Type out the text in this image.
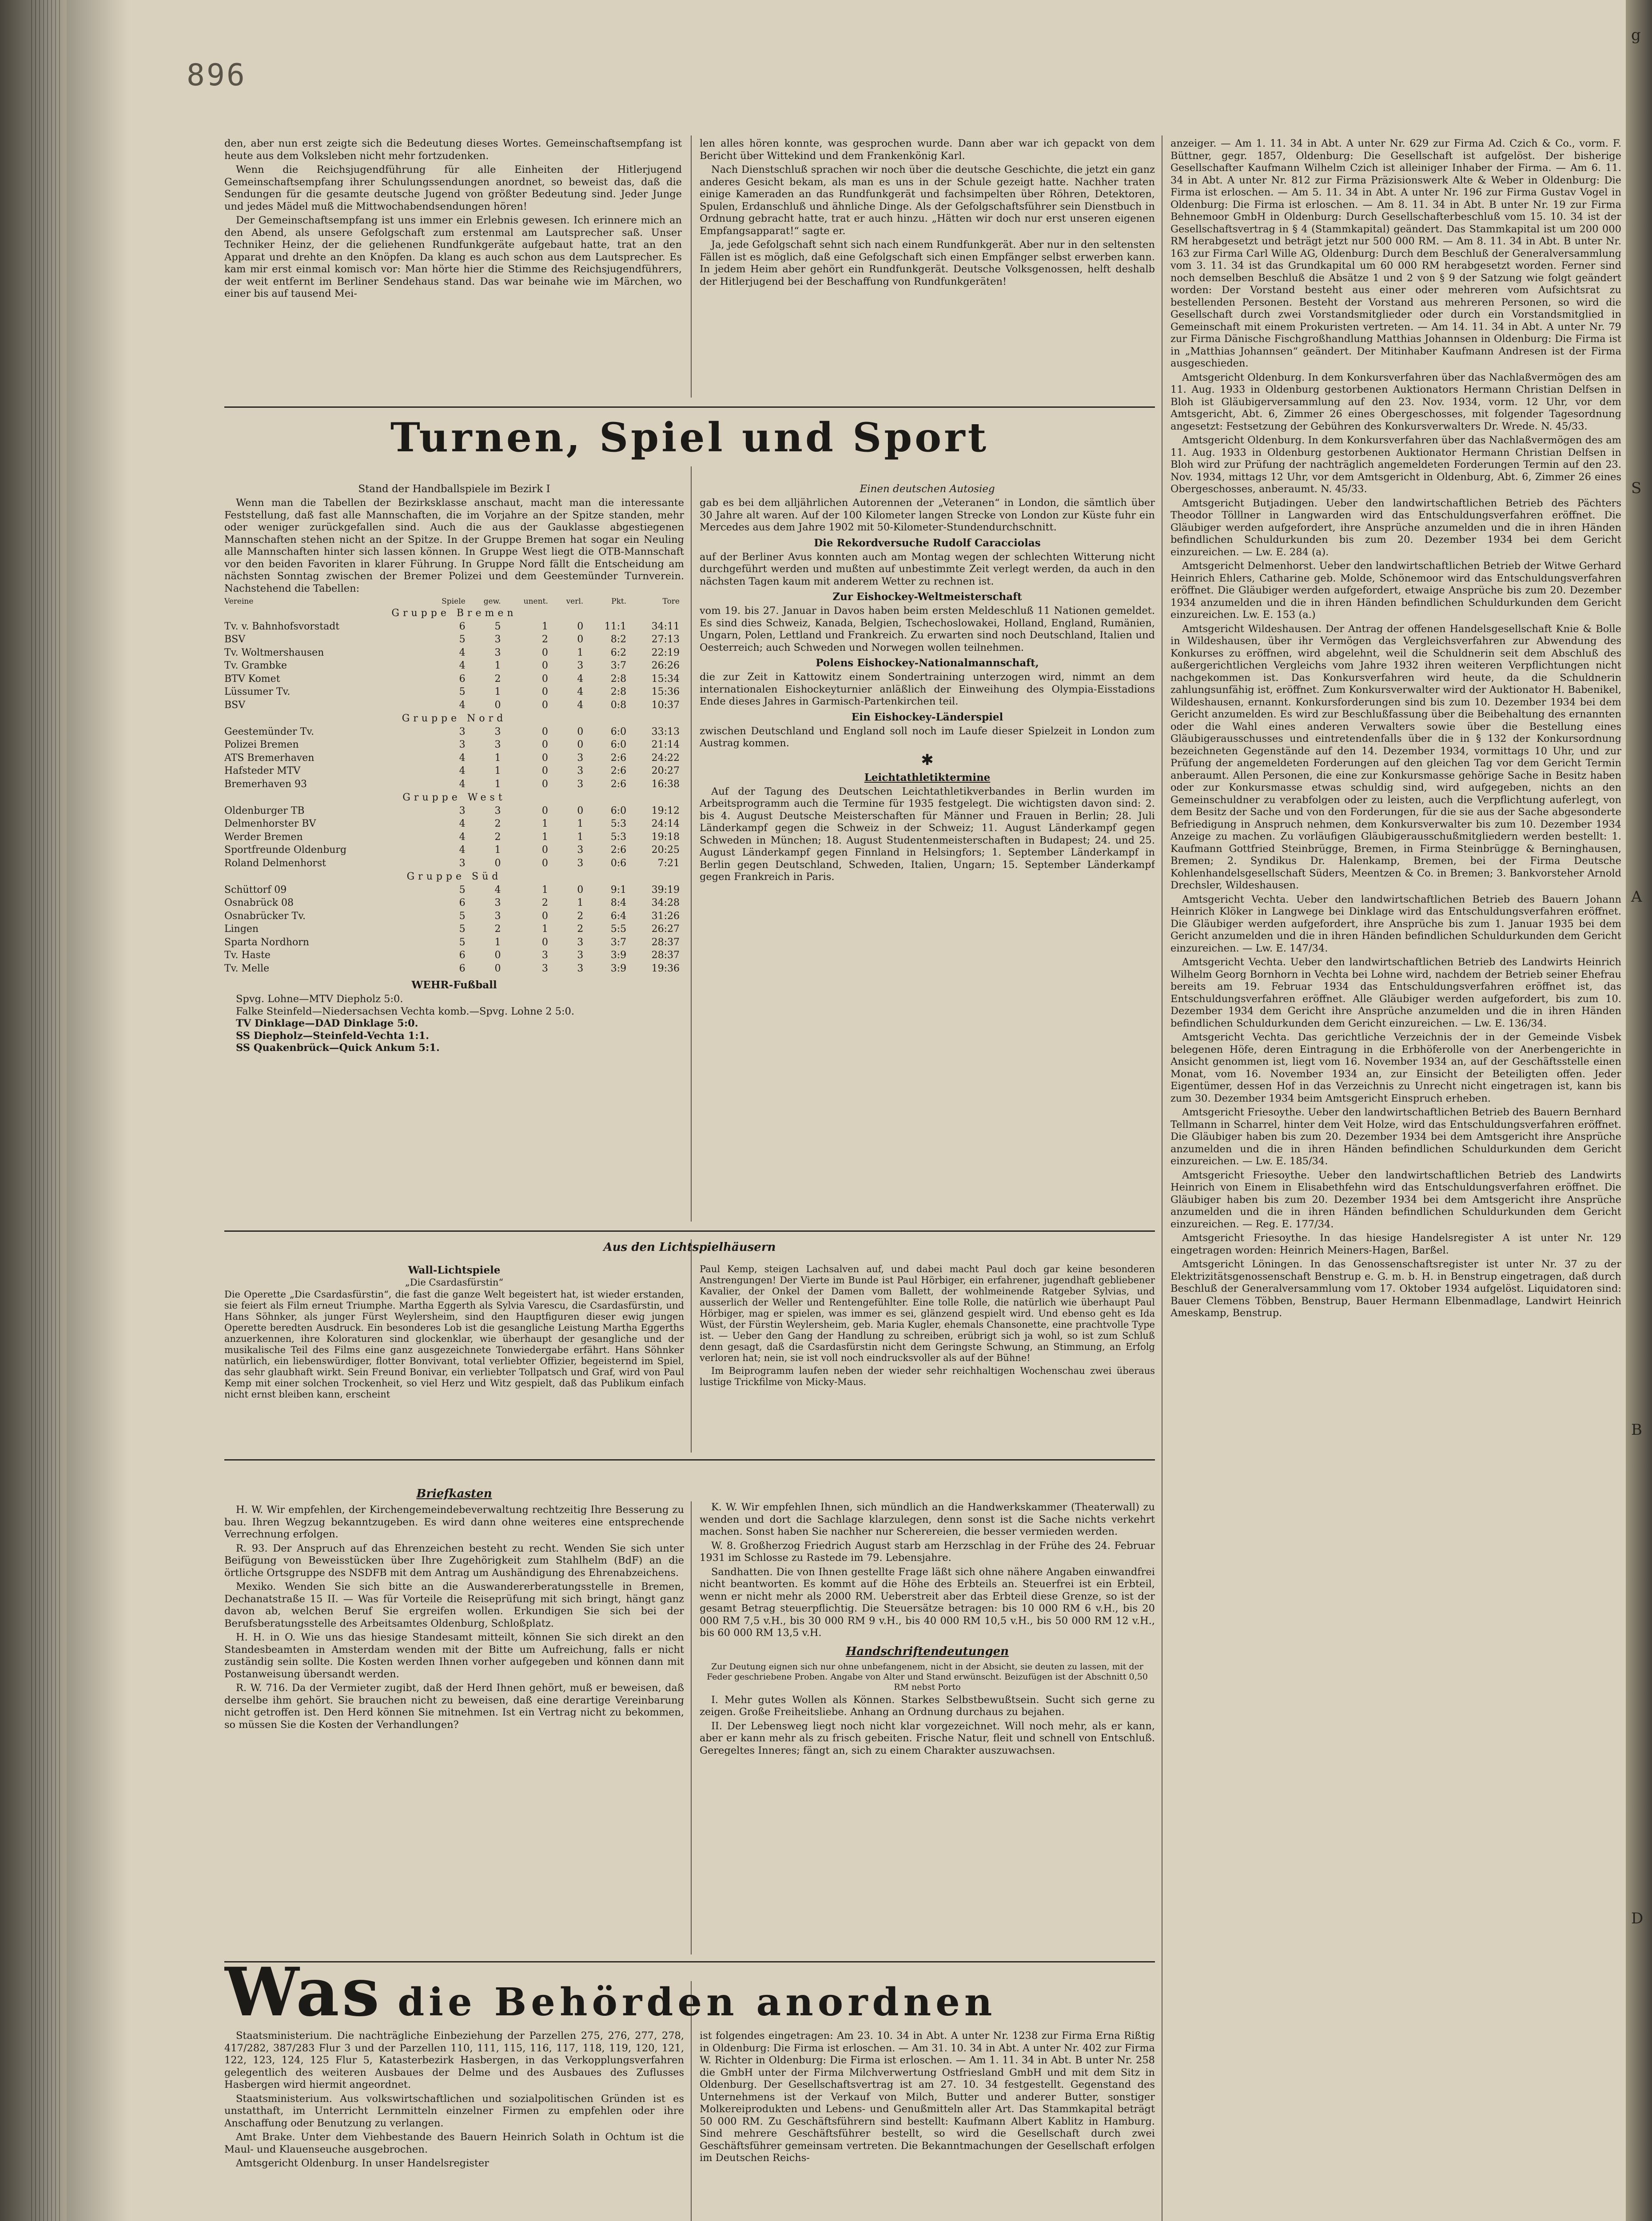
g
S
A
B
D
896

den, aber nun erst zeigte sich die Bedeutung dieses Wortes. Gemeinschaftsempfang ist heute aus dem Volksleben nicht mehr fortzudenken.

Wenn die Reichsjugendführung für alle Einheiten der Hitlerjugend Gemeinschaftsempfang ihrer Schulungssendungen anordnet, so beweist das, daß die Sendungen für die gesamte deutsche Jugend von größter Bedeutung sind. Jeder Junge und jedes Mädel muß die Mittwochabendsendungen hören!

Der Gemeinschaftsempfang ist uns immer ein Erlebnis gewesen. Ich erinnere mich an den Abend, als unsere Gefolgschaft zum erstenmal am Lautsprecher saß. Unser Techniker Heinz, der die geliehenen Rundfunkgeräte aufgebaut hatte, trat an den Apparat und drehte an den Knöpfen. Da klang es auch schon aus dem Lautsprecher. Es kam mir erst einmal komisch vor: Man hörte hier die Stimme des Reichsjugendführers, der weit entfernt im Berliner Sendehaus stand. Das war beinahe wie im Märchen, wo einer bis auf tausend Mei-

len alles hören konnte, was gesprochen wurde. Dann aber war ich gepackt von dem Bericht über Wittekind und dem Frankenkönig Karl.

Nach Dienstschluß sprachen wir noch über die deutsche Geschichte, die jetzt ein ganz anderes Gesicht bekam, als man es uns in der Schule gezeigt hatte. Nachher traten einige Kameraden an das Rundfunkgerät und fachsimpelten über Röhren, Detektoren, Spulen, Erdanschluß und ähnliche Dinge. Als der Gefolgschaftsführer sein Dienstbuch in Ordnung gebracht hatte, trat er auch hinzu. „Hätten wir doch nur erst unseren eigenen Empfangsapparat!“ sagte er.

Ja, jede Gefolgschaft sehnt sich nach einem Rundfunkgerät. Aber nur in den seltensten Fällen ist es möglich, daß eine Gefolgschaft sich einen Empfänger selbst erwerben kann. In jedem Heim aber gehört ein Rundfunkgerät. Deutsche Volksgenossen, helft deshalb der Hitlerjugend bei der Beschaffung von Rundfunkgeräten!

Turnen, Spiel und Sport
Stand der Handballspiele im Bezirk I

Wenn man die Tabellen der Bezirksklasse anschaut, macht man die interessante Feststellung, daß fast alle Mannschaften, die im Vorjahre an der Spitze standen, mehr oder weniger zurückgefallen sind. Auch die aus der Gauklasse abgestiegenen Mannschaften stehen nicht an der Spitze. In der Gruppe Bremen hat sogar ein Neuling alle Mannschaften hinter sich lassen können. In Gruppe West liegt die OTB-Mannschaft vor den beiden Favoriten in klarer Führung. In Gruppe Nord fällt die Entscheidung am nächsten Sonntag zwischen der Bremer Polizei und dem Geestemünder Turnverein. Nachstehend die Tabellen:

Vereine	Spiele	gew.	unent.	verl.	Pkt.	Tore
Gruppe Bremen						
Tv. v. Bahnhofsvorstadt	6	5	1	0	11:1	34:11
BSV	5	3	2	0	8:2	27:13
Tv. Woltmershausen	4	3	0	1	6:2	22:19
Tv. Grambke	4	1	0	3	3:7	26:26
BTV Komet	6	2	0	4	2:8	15:34
Lüssumer Tv.	5	1	0	4	2:8	15:36
BSV	4	0	0	4	0:8	10:37
Gruppe Nord						
Geestemünder Tv.	3	3	0	0	6:0	33:13
Polizei Bremen	3	3	0	0	6:0	21:14
ATS Bremerhaven	4	1	0	3	2:6	24:22
Hafsteder MTV	4	1	0	3	2:6	20:27
Bremerhaven 93	4	1	0	3	2:6	16:38
Gruppe West						
Oldenburger TB	3	3	0	0	6:0	19:12
Delmenhorster BV	4	2	1	1	5:3	24:14
Werder Bremen	4	2	1	1	5:3	19:18
Sportfreunde Oldenburg	4	1	0	3	2:6	20:25
Roland Delmenhorst	3	0	0	3	0:6	7:21
Gruppe Süd						
Schüttorf 09	5	4	1	0	9:1	39:19
Osnabrück 08	6	3	2	1	8:4	34:28
Osnabrücker Tv.	5	3	0	2	6:4	31:26
Lingen	5	2	1	2	5:5	26:27
Sparta Nordhorn	5	1	0	3	3:7	28:37
Tv. Haste	6	0	3	3	3:9	28:37
Tv. Melle	6	0	3	3	3:9	19:36
WEHR-Fußball

Spvg. Lohne—MTV Diepholz 5:0.

Falke Steinfeld—Niedersachsen Vechta komb.—Spvg. Lohne 2 5:0.

TV Dinklage—DAD Dinklage 5:0.

SS Diepholz—Steinfeld-Vechta 1:1.

SS Quakenbrück—Quick Ankum 5:1.

Einen deutschen Autosieg

gab es bei dem alljährlichen Autorennen der „Veteranen“ in London, die sämtlich über 30 Jahre alt waren. Auf der 100 Kilometer langen Strecke von London zur Küste fuhr ein Mercedes aus dem Jahre 1902 mit 50-Kilometer-Stundendurchschnitt.

Die Rekordversuche Rudolf Caracciolas

auf der Berliner Avus konnten auch am Montag wegen der schlechten Witterung nicht durchgeführt werden und mußten auf unbestimmte Zeit verlegt werden, da auch in den nächsten Tagen kaum mit anderem Wetter zu rechnen ist.

Zur Eishockey-Weltmeisterschaft

vom 19. bis 27. Januar in Davos haben beim ersten Meldeschluß 11 Nationen gemeldet. Es sind dies Schweiz, Kanada, Belgien, Tschechoslowakei, Holland, England, Rumänien, Ungarn, Polen, Lettland und Frankreich. Zu erwarten sind noch Deutschland, Italien und Oesterreich; auch Schweden und Norwegen wollen teilnehmen.

Polens Eishockey-Nationalmannschaft,

die zur Zeit in Kattowitz einem Sondertraining unterzogen wird, nimmt an dem internationalen Eishockeyturnier anläßlich der Einweihung des Olympia-Eisstadions Ende dieses Jahres in Garmisch-Partenkirchen teil.

Ein Eishockey-Länderspiel

zwischen Deutschland und England soll noch im Laufe dieser Spielzeit in London zum Austrag kommen.

✱
Leichtathletiktermine

Auf der Tagung des Deutschen Leichtathletikverbandes in Berlin wurden im Arbeitsprogramm auch die Termine für 1935 festgelegt. Die wichtigsten davon sind: 2. bis 4. August Deutsche Meisterschaften für Männer und Frauen in Berlin; 28. Juli Länderkampf gegen die Schweiz in der Schweiz; 11. August Länderkampf gegen Schweden in München; 18. August Studentenmeisterschaften in Budapest; 24. und 25. August Länderkampf gegen Finnland in Helsingfors; 1. September Länderkampf in Berlin gegen Deutschland, Schweden, Italien, Ungarn; 15. September Länderkampf gegen Frankreich in Paris.

Aus den Lichtspielhäusern
Wall-Lichtspiele
„Die Csardasfürstin“

Die Operette „Die Csardasfürstin“, die fast die ganze Welt begeistert hat, ist wieder erstanden, sie feiert als Film erneut Triumphe. Martha Eggerth als Sylvia Varescu, die Csardasfürstin, und Hans Söhnker, als junger Fürst Weylersheim, sind den Hauptfiguren dieser ewig jungen Operette beredten Ausdruck. Ein besonderes Lob ist die gesangliche Leistung Martha Eggerths anzuerkennen, ihre Koloraturen sind glockenklar, wie überhaupt der gesangliche und der musikalische Teil des Films eine ganz ausgezeichnete Tonwiedergabe erfährt. Hans Söhnker natürlich, ein liebenswürdiger, flotter Bonvivant, total verliebter Offizier, begeisternd im Spiel, das sehr glaubhaft wirkt. Sein Freund Bonivar, ein verliebter Tollpatsch und Graf, wird von Paul Kemp mit einer solchen Trockenheit, so viel Herz und Witz gespielt, daß das Publikum einfach nicht ernst bleiben kann, erscheint

Paul Kemp, steigen Lachsalven auf, und dabei macht Paul doch gar keine besonderen Anstrengungen! Der Vierte im Bunde ist Paul Hörbiger, ein erfahrener, jugendhaft gebliebener Kavalier, der Onkel der Damen vom Ballett, der wohlmeinende Ratgeber Sylvias, und ausserlich der Weller und Rentengefühlter. Eine tolle Rolle, die natürlich wie überhaupt Paul Hörbiger, mag er spielen, was immer es sei, glänzend gespielt wird. Und ebenso geht es Ida Wüst, der Fürstin Weylersheim, geb. Maria Kugler, ehemals Chansonette, eine prachtvolle Type ist. — Ueber den Gang der Handlung zu schreiben, erübrigt sich ja wohl, so ist zum Schluß denn gesagt, daß die Csardasfürstin nicht dem Geringste Schwung, an Stimmung, an Erfolg verloren hat; nein, sie ist voll noch eindrucksvoller als auf der Bühne!

Im Beiprogramm laufen neben der wieder sehr reichhaltigen Wochenschau zwei überaus lustige Trickfilme von Micky-Maus.

Briefkasten

H. W. Wir empfehlen, der Kirchengemeindebeverwaltung rechtzeitig Ihre Besserung zu bau. Ihren Wegzug bekanntzugeben. Es wird dann ohne weiteres eine entsprechende Verrechnung erfolgen.

R. 93. Der Anspruch auf das Ehrenzeichen besteht zu recht. Wenden Sie sich unter Beifügung von Beweisstücken über Ihre Zugehörigkeit zum Stahlhelm (BdF) an die örtliche Ortsgruppe des NSDFB mit dem Antrag um Aushändigung des Ehrenabzeichens.

Mexiko. Wenden Sie sich bitte an die Auswandererberatungsstelle in Bremen, Dechanatstraße 15 II. — Was für Vorteile die Reiseprüfung mit sich bringt, hängt ganz davon ab, welchen Beruf Sie ergreifen wollen. Erkundigen Sie sich bei der Berufsberatungsstelle des Arbeitsamtes Oldenburg, Schloßplatz.

H. H. in O. Wie uns das hiesige Standesamt mitteilt, können Sie sich direkt an den Standesbeamten in Amsterdam wenden mit der Bitte um Aufreichung, falls er nicht zuständig sein sollte. Die Kosten werden Ihnen vorher aufgegeben und können dann mit Postanweisung übersandt werden.

R. W. 716. Da der Vermieter zugibt, daß der Herd Ihnen gehört, muß er beweisen, daß derselbe ihm gehört. Sie brauchen nicht zu beweisen, daß eine derartige Vereinbarung nicht getroffen ist. Den Herd können Sie mitnehmen. Ist ein Vertrag nicht zu bekommen, so müssen Sie die Kosten der Verhandlungen?

K. W. Wir empfehlen Ihnen, sich mündlich an die Handwerkskammer (Theaterwall) zu wenden und dort die Sachlage klarzulegen, denn sonst ist die Sache nichts verkehrt machen. Sonst haben Sie nachher nur Scherereien, die besser vermieden werden.

W. 8. Großherzog Friedrich August starb am Herzschlag in der Frühe des 24. Februar 1931 im Schlosse zu Rastede im 79. Lebensjahre.

Sandhatten. Die von Ihnen gestellte Frage läßt sich ohne nähere Angaben einwandfrei nicht beantworten. Es kommt auf die Höhe des Erbteils an. Steuerfrei ist ein Erbteil, wenn er nicht mehr als 2000 RM. Ueberstreit aber das Erbteil diese Grenze, so ist der gesamt Betrag steuerpflichtig. Die Steuersätze betragen: bis 10 000 RM 6 v.H., bis 20 000 RM 7,5 v.H., bis 30 000 RM 9 v.H., bis 40 000 RM 10,5 v.H., bis 50 000 RM 12 v.H., bis 60 000 RM 13,5 v.H.

Handschriftendeutungen

Zur Deutung eignen sich nur ohne unbefangenem, nicht in der Absicht, sie deuten zu lassen, mit der Feder geschriebene Proben. Angabe von Alter und Stand erwünscht. Beizufügen ist der Abschnitt 0,50 RM nebst Porto

I. Mehr gutes Wollen als Können. Starkes Selbstbewußtsein. Sucht sich gerne zu zeigen. Große Freiheitsliebe. Anhang an Ordnung durchaus zu bejahen.

II. Der Lebensweg liegt noch nicht klar vorgezeichnet. Will noch mehr, als er kann, aber er kann mehr als zu frisch gebeiten. Frische Natur, fleit und schnell von Entschluß. Geregeltes Inneres; fängt an, sich zu einem Charakter auszuwachsen.

Was die Behörden anordnen

Staatsministerium. Die nachträgliche Einbeziehung der Parzellen 275, 276, 277, 278, 417/282, 387/283 Flur 3 und der Parzellen 110, 111, 115, 116, 117, 118, 119, 120, 121, 122, 123, 124, 125 Flur 5, Katasterbezirk Hasbergen, in das Verkopplungsverfahren gelegentlich des weiteren Ausbaues der Delme und des Ausbaues des Zuflusses Hasbergen wird hiermit angeordnet.

Staatsministerium. Aus volkswirtschaftlichen und sozialpolitischen Gründen ist es unstatthaft, im Unterricht Lernmitteln einzelner Firmen zu empfehlen oder ihre Anschaffung oder Benutzung zu verlangen.

Amt Brake. Unter dem Viehbestande des Bauern Heinrich Solath in Ochtum ist die Maul- und Klauenseuche ausgebrochen.

Amtsgericht Oldenburg. In unser Handelsregister

ist folgendes eingetragen: Am 23. 10. 34 in Abt. A unter Nr. 1238 zur Firma Erna Rißtig in Oldenburg: Die Firma ist erloschen. — Am 31. 10. 34 in Abt. A unter Nr. 402 zur Firma W. Richter in Oldenburg: Die Firma ist erloschen. — Am 1. 11. 34 in Abt. B unter Nr. 258 die GmbH unter der Firma Milchverwertung Ostfriesland GmbH und mit dem Sitz in Oldenburg. Der Gesellschaftsvertrag ist am 27. 10. 34 festgestellt. Gegenstand des Unternehmens ist der Verkauf von Milch, Butter und anderer Butter, sonstiger Molkereiprodukten und Lebens- und Genußmitteln aller Art. Das Stammkapital beträgt 50 000 RM. Zu Geschäftsführern sind bestellt: Kaufmann Albert Kablitz in Hamburg. Sind mehrere Geschäftsführer bestellt, so wird die Gesellschaft durch zwei Geschäftsführer gemeinsam vertreten. Die Bekanntmachungen der Gesellschaft erfolgen im Deutschen Reichs-

anzeiger. — Am 1. 11. 34 in Abt. A unter Nr. 629 zur Firma Ad. Czich & Co., vorm. F. Büttner, gegr. 1857, Oldenburg: Die Gesellschaft ist aufgelöst. Der bisherige Gesellschafter Kaufmann Wilhelm Czich ist alleiniger Inhaber der Firma. — Am 6. 11. 34 in Abt. A unter Nr. 812 zur Firma Präzisionswerk Alte & Weber in Oldenburg: Die Firma ist erloschen. — Am 5. 11. 34 in Abt. A unter Nr. 196 zur Firma Gustav Vogel in Oldenburg: Die Firma ist erloschen. — Am 8. 11. 34 in Abt. B unter Nr. 19 zur Firma Behnemoor GmbH in Oldenburg: Durch Gesellschafterbeschluß vom 15. 10. 34 ist der Gesellschaftsvertrag in § 4 (Stammkapital) geändert. Das Stammkapital ist um 200 000 RM herabgesetzt und beträgt jetzt nur 500 000 RM. — Am 8. 11. 34 in Abt. B unter Nr. 163 zur Firma Carl Wille AG, Oldenburg: Durch dem Beschluß der Generalversammlung vom 3. 11. 34 ist das Grundkapital um 60 000 RM herabgesetzt worden. Ferner sind noch demselben Beschluß die Absätze 1 und 2 von § 9 der Satzung wie folgt geändert worden: Der Vorstand besteht aus einer oder mehreren vom Aufsichtsrat zu bestellenden Personen. Besteht der Vorstand aus mehreren Personen, so wird die Gesellschaft durch zwei Vorstandsmitglieder oder durch ein Vorstandsmitglied in Gemeinschaft mit einem Prokuristen vertreten. — Am 14. 11. 34 in Abt. A unter Nr. 79 zur Firma Dänische Fischgroßhandlung Matthias Johannsen in Oldenburg: Die Firma ist in „Matthias Johannsen“ geändert. Der Mitinhaber Kaufmann Andresen ist der Firma ausgeschieden.

Amtsgericht Oldenburg. In dem Konkursverfahren über das Nachlaßvermögen des am 11. Aug. 1933 in Oldenburg gestorbenen Auktionators Hermann Christian Delfsen in Bloh ist Gläubigerversammlung auf den 23. Nov. 1934, vorm. 12 Uhr, vor dem Amtsgericht, Abt. 6, Zimmer 26 eines Obergeschosses, mit folgender Tagesordnung angesetzt: Festsetzung der Gebühren des Konkursverwalters Dr. Wrede. N. 45/33.

Amtsgericht Oldenburg. In dem Konkursverfahren über das Nachlaßvermögen des am 11. Aug. 1933 in Oldenburg gestorbenen Auktionator Hermann Christian Delfsen in Bloh wird zur Prüfung der nachträglich angemeldeten Forderungen Termin auf den 23. Nov. 1934, mittags 12 Uhr, vor dem Amtsgericht in Oldenburg, Abt. 6, Zimmer 26 eines Obergeschosses, anberaumt. N. 45/33.

Amtsgericht Butjadingen. Ueber den landwirtschaftlichen Betrieb des Pächters Theodor Tölllner in Langwarden wird das Entschuldungsverfahren eröffnet. Die Gläubiger werden aufgefordert, ihre Ansprüche anzumelden und die in ihren Händen befindlichen Schuldurkunden bis zum 20. Dezember 1934 bei dem Gericht einzureichen. — Lw. E. 284 (a).

Amtsgericht Delmenhorst. Ueber den landwirtschaftlichen Betrieb der Witwe Gerhard Heinrich Ehlers, Catharine geb. Molde, Schönemoor wird das Entschuldungsverfahren eröffnet. Die Gläubiger werden aufgefordert, etwaige Ansprüche bis zum 20. Dezember 1934 anzumelden und die in ihren Händen befindlichen Schuldurkunden dem Gericht einzureichen. Lw. E. 153 (a.)

Amtsgericht Wildeshausen. Der Antrag der offenen Handelsgesellschaft Knie & Bolle in Wildeshausen, über ihr Vermögen das Vergleichsverfahren zur Abwendung des Konkurses zu eröffnen, wird abgelehnt, weil die Schuldnerin seit dem Abschluß des außergerichtlichen Vergleichs vom Jahre 1932 ihren weiteren Verpflichtungen nicht nachgekommen ist. Das Konkursverfahren wird heute, da die Schuldnerin zahlungsunfähig ist, eröffnet. Zum Konkursverwalter wird der Auktionator H. Babenikel, Wildeshausen, ernannt. Konkursforderungen sind bis zum 10. Dezember 1934 bei dem Gericht anzumelden. Es wird zur Beschlußfassung über die Beibehaltung des ernannten oder die Wahl eines anderen Verwalters sowie über die Bestellung eines Gläubigerausschusses und eintretendenfalls über die in § 132 der Konkursordnung bezeichneten Gegenstände auf den 14. Dezember 1934, vormittags 10 Uhr, und zur Prüfung der angemeldeten Forderungen auf den gleichen Tag vor dem Gericht Termin anberaumt. Allen Personen, die eine zur Konkursmasse gehörige Sache in Besitz haben oder zur Konkursmasse etwas schuldig sind, wird aufgegeben, nichts an den Gemeinschuldner zu verabfolgen oder zu leisten, auch die Verpflichtung auferlegt, von dem Besitz der Sache und von den Forderungen, für die sie aus der Sache abgesonderte Befriedigung in Anspruch nehmen, dem Konkursverwalter bis zum 10. Dezember 1934 Anzeige zu machen. Zu vorläufigen Gläubigerausschußmitgliedern werden bestellt: 1. Kaufmann Gottfried Steinbrügge, Bremen, in Firma Steinbrügge & Berninghausen, Bremen; 2. Syndikus Dr. Halenkamp, Bremen, bei der Firma Deutsche Kohlenhandelsgesellschaft Süders, Meentzen & Co. in Bremen; 3. Bankvorsteher Arnold Drechsler, Wildeshausen.

Amtsgericht Vechta. Ueber den landwirtschaftlichen Betrieb des Bauern Johann Heinrich Klöker in Langwege bei Dinklage wird das Entschuldungsverfahren eröffnet. Die Gläubiger werden aufgefordert, ihre Ansprüche bis zum 1. Januar 1935 bei dem Gericht anzumelden und die in ihren Händen befindlichen Schuldurkunden dem Gericht einzureichen. — Lw. E. 147/34.

Amtsgericht Vechta. Ueber den landwirtschaftlichen Betrieb des Landwirts Heinrich Wilhelm Georg Bornhorn in Vechta bei Lohne wird, nachdem der Betrieb seiner Ehefrau bereits am 19. Februar 1934 das Entschuldungsverfahren eröffnet ist, das Entschuldungsverfahren eröffnet. Alle Gläubiger werden aufgefordert, bis zum 10. Dezember 1934 dem Gericht ihre Ansprüche anzumelden und die in ihren Händen befindlichen Schuldurkunden dem Gericht einzureichen. — Lw. E. 136/34.

Amtsgericht Vechta. Das gerichtliche Verzeichnis der in der Gemeinde Visbek belegenen Höfe, deren Eintragung in die Erbhöferolle von der Anerbengerichte in Ansicht genommen ist, liegt vom 16. November 1934 an, auf der Geschäftsstelle einen Monat, vom 16. November 1934 an, zur Einsicht der Beteiligten offen. Jeder Eigentümer, dessen Hof in das Verzeichnis zu Unrecht nicht eingetragen ist, kann bis zum 30. Dezember 1934 beim Amtsgericht Einspruch erheben.

Amtsgericht Friesoythe. Ueber den landwirtschaftlichen Betrieb des Bauern Bernhard Tellmann in Scharrel, hinter dem Veit Holze, wird das Entschuldungsverfahren eröffnet. Die Gläubiger haben bis zum 20. Dezember 1934 bei dem Amtsgericht ihre Ansprüche anzumelden und die in ihren Händen befindlichen Schuldurkunden dem Gericht einzureichen. — Lw. E. 185/34.

Amtsgericht Friesoythe. Ueber den landwirtschaftlichen Betrieb des Landwirts Heinrich von Einem in Elisabethfehn wird das Entschuldungsverfahren eröffnet. Die Gläubiger haben bis zum 20. Dezember 1934 bei dem Amtsgericht ihre Ansprüche anzumelden und die in ihren Händen befindlichen Schuldurkunden dem Gericht einzureichen. — Reg. E. 177/34.

Amtsgericht Friesoythe. In das hiesige Handelsregister A ist unter Nr. 129 eingetragen worden: Heinrich Meiners-Hagen, Barßel.

Amtsgericht Löningen. In das Genossenschaftsregister ist unter Nr. 37 zu der Elektrizitätsgenossenschaft Benstrup e. G. m. b. H. in Benstrup eingetragen, daß durch Beschluß der Generalversammlung vom 17. Oktober 1934 aufgelöst. Liquidatoren sind: Bauer Clemens Többen, Benstrup, Bauer Hermann Elbenmadlage, Landwirt Heinrich Ameskamp, Benstrup.
